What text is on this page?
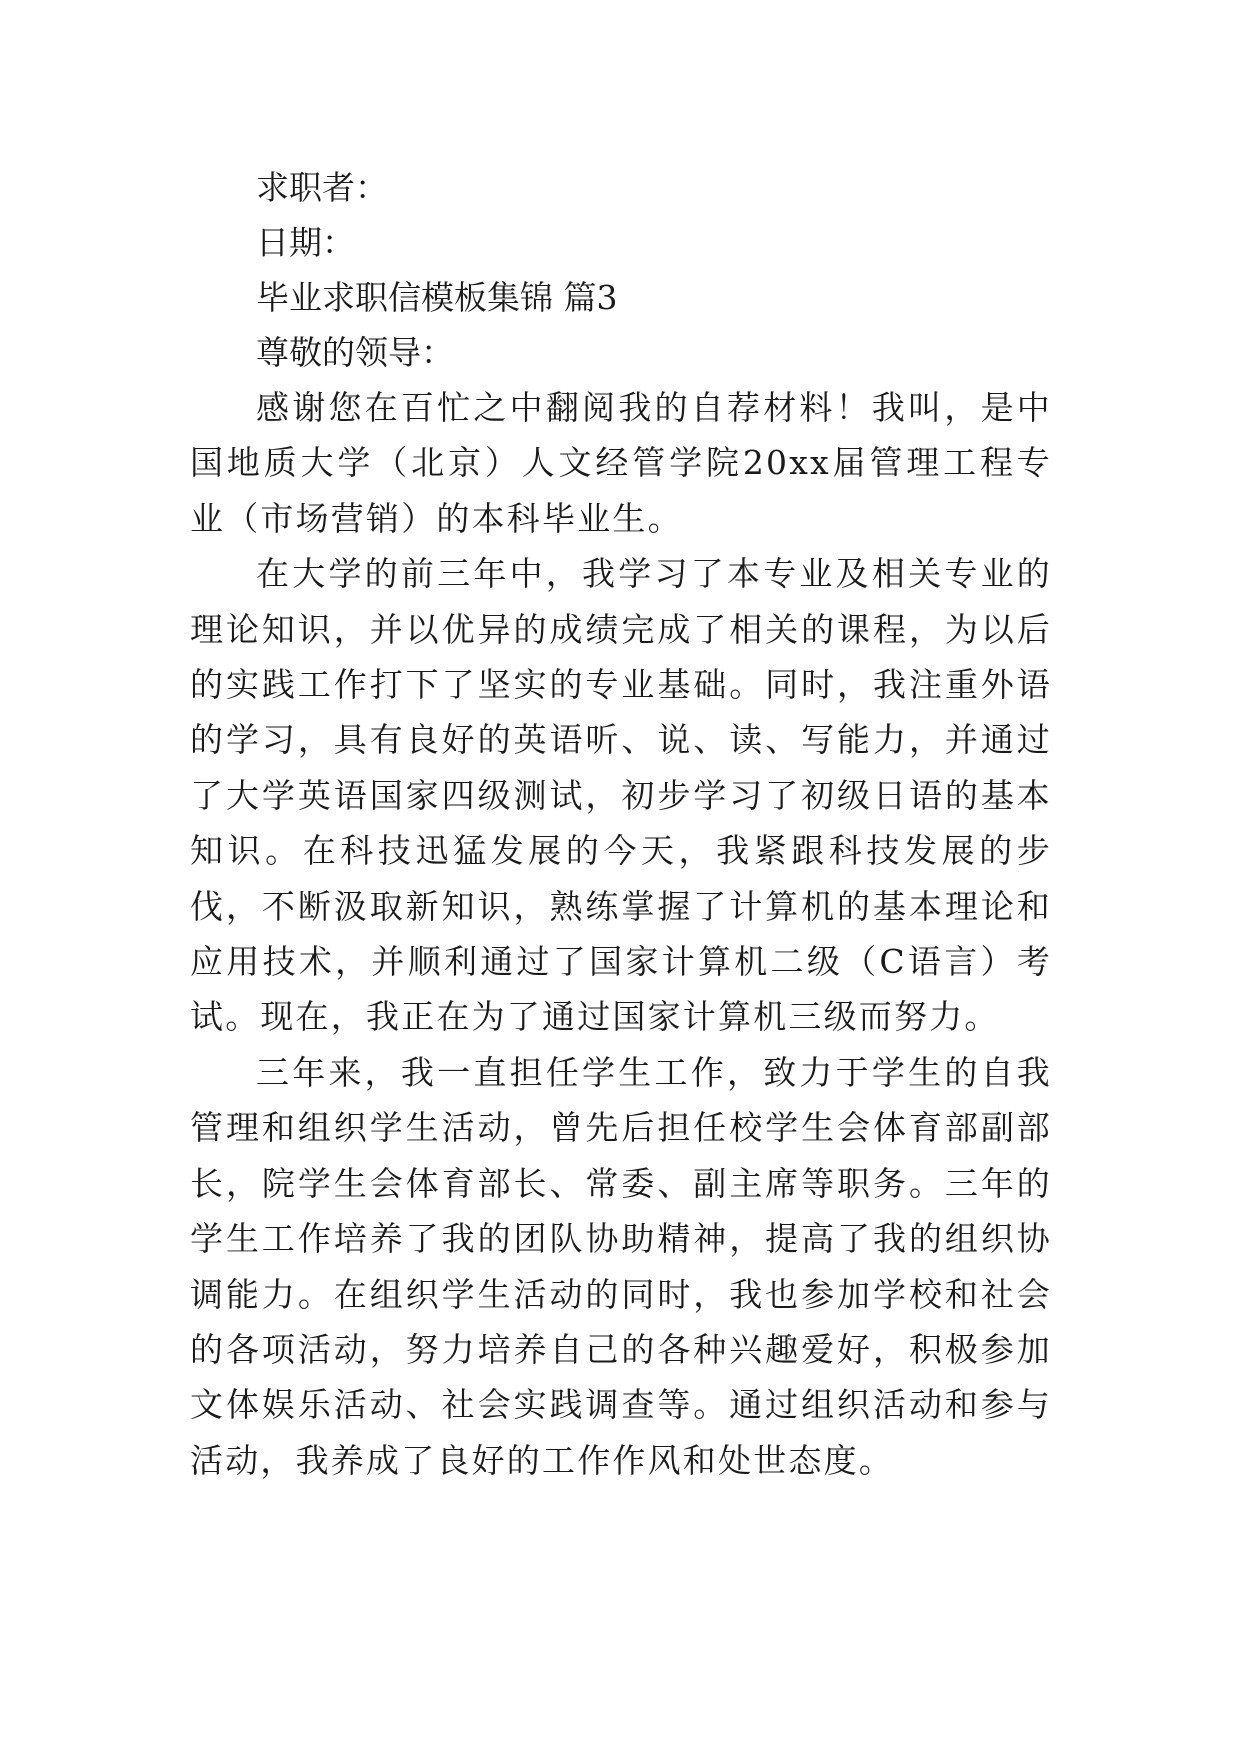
求职者：

日期：

毕业求职信模板集锦 篇3

尊敬的领导：

感谢您在百忙之中翻阅我的自荐材料！我叫，是中国地质大学（北京）人文经管学院20xx届管理工程专业（市场营销）的本科毕业生。

在大学的前三年中，我学习了本专业及相关专业的理论知识，并以优异的成绩完成了相关的课程，为以后的实践工作打下了坚实的专业基础。同时，我注重外语的学习，具有良好的英语听、说、读、写能力，并通过了大学英语国家四级测试，初步学习了初级日语的基本知识。在科技迅猛发展的今天，我紧跟科技发展的步伐，不断汲取新知识，熟练掌握了计算机的基本理论和应用技术，并顺利通过了国家计算机二级（C语言）考试。现在，我正在为了通过国家计算机三级而努力。

三年来，我一直担任学生工作，致力于学生的自我管理和组织学生活动，曾先后担任校学生会体育部副部长，院学生会体育部长、常委、副主席等职务。三年的学生工作培养了我的团队协助精神，提高了我的组织协调能力。在组织学生活动的同时，我也参加学校和社会的各项活动，努力培养自己的各种兴趣爱好，积极参加文体娱乐活动、社会实践调查等。通过组织活动和参与活动，我养成了良好的工作作风和处世态度。
